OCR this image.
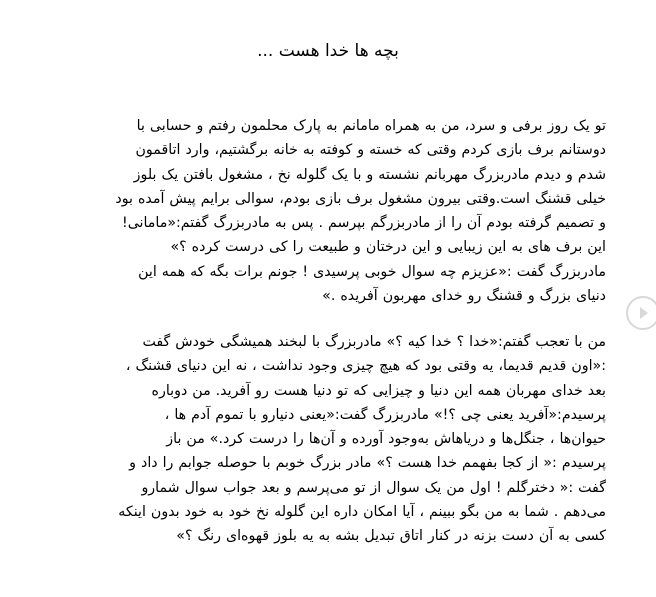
بچه ها خدا هست ...
تو یک روز برفی و سرد، من به همراه مامانم به پارک محلمون رفتم و حسابی با
دوستانم برف بازی کردم وقتی که خسته و کوفته به خانه برگشتیم، وارد اتاقمون
شدم و دیدم مادربزرگ مهربانم نشسته و با یک گلوله نخ ، مشغول بافتن یک بلوز
خیلی قشنگ است.وقتی بیرون مشغول برف بازی بودم، سوالی برایم پیش آمده بود
و تصمیم گرفته بودم آن را از مادربزرگم بپرسم . پس به مادربزرگ گفتم:«مامانی!
این برف های به این زیبایی و این درختان و طبیعت را کی درست کرده ؟»
مادربزرگ گفت :«عزیزم چه سوال خوبی پرسیدی ! جونم برات بگه که همه این
دنیای بزرگ و قشنگ رو خدای مهربون آفریده .»
من با تعجب گفتم:«خدا ؟ خدا کیه ؟» مادربزرگ با لبخند همیشگی خودش گفت
:«اون قدیم قدیما، یه وقتی بود که هیچ چیزی وجود نداشت ، نه این دنیای قشنگ ،
بعد خدای مهربان همه این دنیا و چیزایی که تو دنیا هست رو آفرید. من دوباره
پرسیدم:«آفرید یعنی چی ؟!» مادربزرگ گفت:«یعنی دنیارو با تموم آدم ها ،
حیوان‌ها ، جنگل‌ها و دریاهاش به‌وجود آورده و آن‌ها را درست کرد.» من باز
پرسیدم :« از کجا بفهمم خدا هست ؟» مادر بزرگ خوبم با حوصله جوابم را داد و
گفت :« دخترگلم ! اول من یک سوال از تو می‌پرسم و بعد جواب سوال شمارو
می‌دهم . شما به من بگو ببینم ، آیا امکان داره این گلوله نخ خود به خود بدون اینکه
کسی به آن دست بزنه در کنار اتاق تبدیل بشه به یه بلوز قهوه‌ای رنگ ؟»
